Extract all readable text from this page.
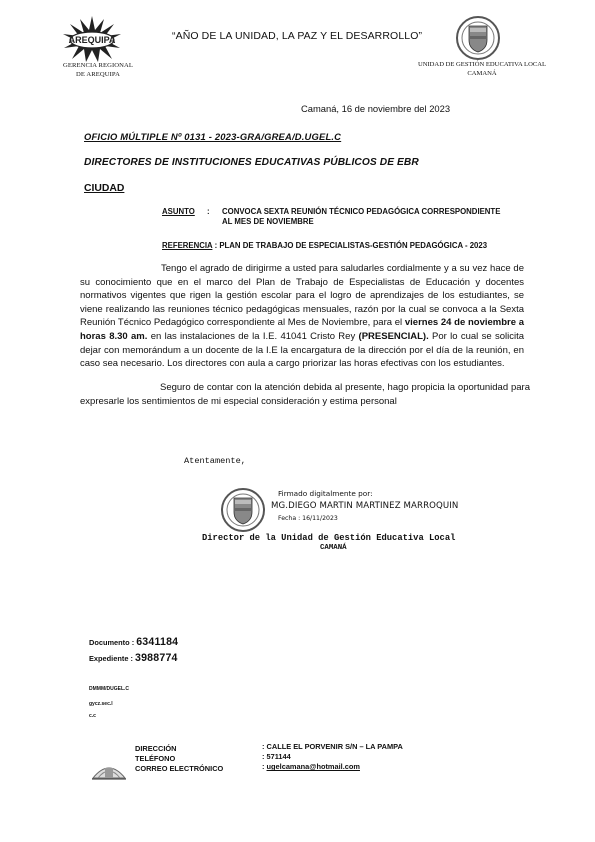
AREQUIPA
GERENCIA REGIONAL
DE AREQUIPA
“AÑO DE LA UNIDAD, LA PAZ Y EL DESARROLLO”
UNIDAD DE GESTIÓN EDUCATIVA LOCAL
CAMANÁ
Camaná, 16 de noviembre del 2023
OFICIO MÚLTIPLE Nº 0131 - 2023-GRA/GREA/D.UGEL.C
DIRECTORES DE INSTITUCIONES EDUCATIVAS PÚBLICOS DE EBR
CIUDAD
ASUNTO : CONVOCA SEXTA REUNIÓN TÉCNICO PEDAGÓGICA CORRESPONDIENTE
AL MES DE NOVIEMBRE
REFERENCIA : PLAN DE TRABAJO DE ESPECIALISTAS-GESTIÓN PEDAGÓGICA - 2023
Tengo el agrado de dirigirme a usted para saludarles cordialmente y a su vez hace de su conocimiento que en el marco del Plan de Trabajo de Especialistas de Educación y docentes normativos vigentes que rigen la gestión escolar para el logro de aprendizajes de los estudiantes, se viene realizando las reuniones técnico pedagógicas mensuales, razón por la cual se convoca a la Sexta Reunión Técnico Pedagógico correspondiente al Mes de Noviembre, para el viernes 24 de noviembre a horas 8.30 am. en las instalaciones de la I.E. 41041 Cristo Rey (PRESENCIAL). Por lo cual se solicita dejar con memorándum a un docente de la I.E la encargatura de la dirección por el día de la reunión, en caso sea necesario. Los directores con aula a cargo priorizar las horas efectivas con los estudiantes.
Seguro de contar con la atención debida al presente, hago propicia la oportunidad para expresarle los sentimientos de mi especial consideración y estima personal
Atentamente,
Firmado digitalmente por:
MG.DIEGO MARTIN MARTINEZ MARROQUIN
Fecha : 16/11/2023
Director de la Unidad de Gestión Educativa Local
CAMANÁ
Documento : 6341184
Expediente : 3988774
DMMM/DUGEL.C
gycz.sec.l
c.c
DIRECCIÓN
TELÉFONO
CORREO ELECTRÓNICO
: CALLE EL PORVENIR S/N – LA PAMPA
: 571144
: ugelcamana@hotmail.com
